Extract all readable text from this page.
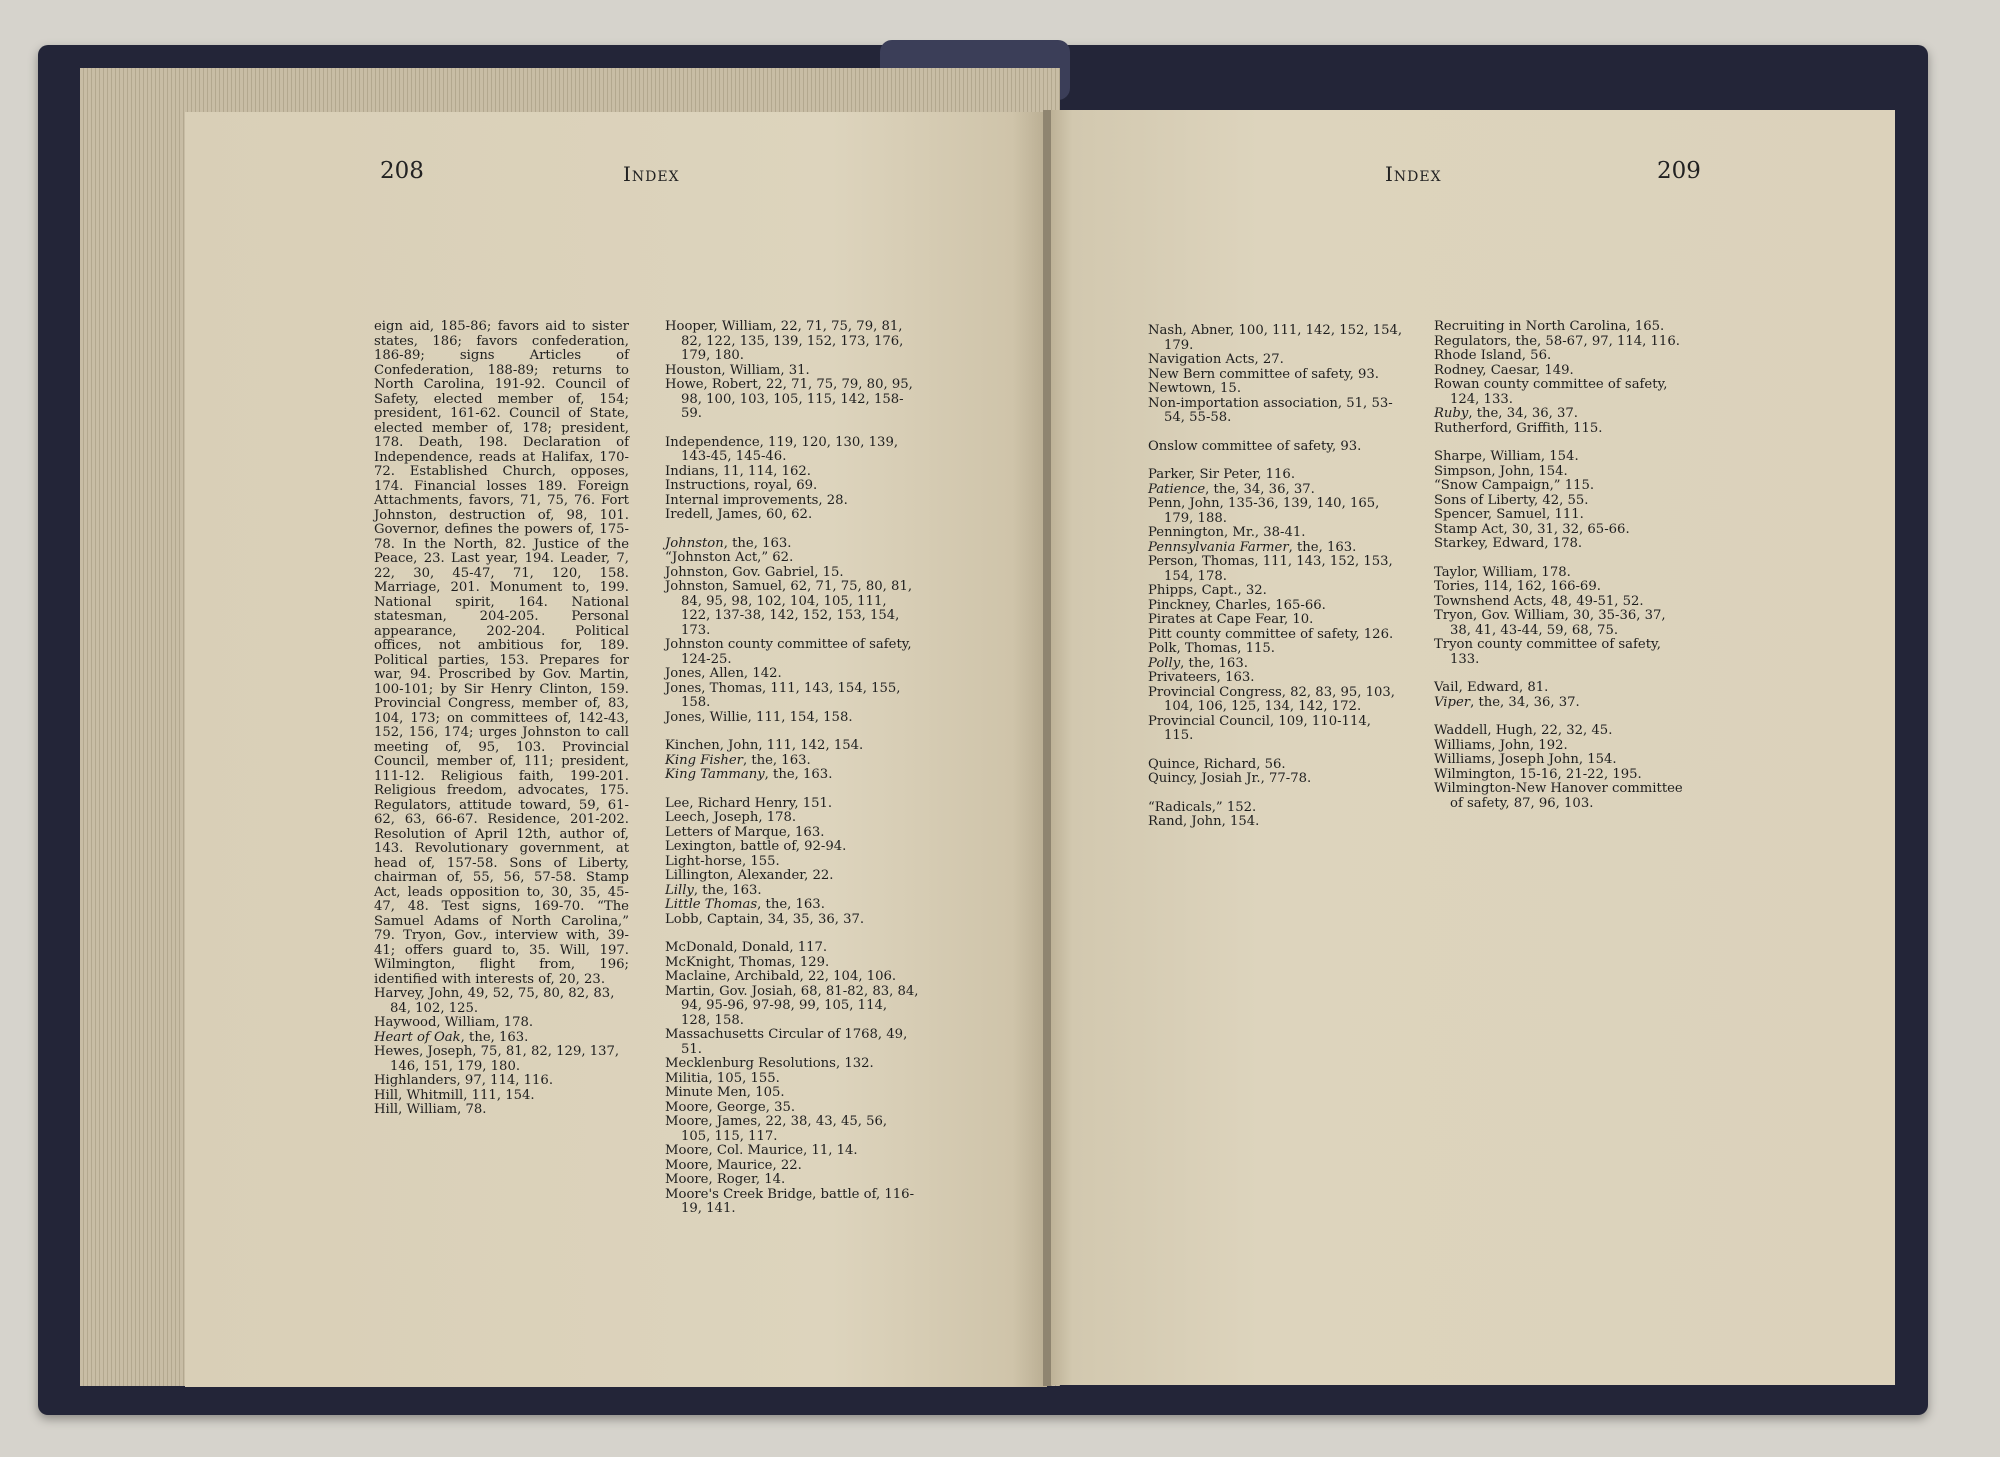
208	Index	209
Index

eign aid, 185-86; favors aid to sister states, 186; favors confederation, 186-89; signs Articles of Confederation, 188-89; returns to North Carolina, 191-92. Council of Safety, elected member of, 154; president, 161-62. Council of State, elected member of, 178; president, 178. Death, 198. Declaration of Independence, reads at Halifax, 170-72. Established Church, opposes, 174. Financial losses 189. Foreign Attachments, favors, 71, 75, 76. Fort Johnston, destruction of, 98, 101. Governor, defines the powers of, 175-78. In the North, 82. Justice of the Peace, 23. Last year, 194. Leader, 7, 22, 30, 45-47, 71, 120, 158. Marriage, 201. Monument to, 199. National spirit, 164. National statesman, 204-205. Personal appearance, 202-204. Political offices, not ambitious for, 189. Political parties, 153. Prepares for war, 94. Proscribed by Gov. Martin, 100-101; by Sir Henry Clinton, 159. Provincial Congress, member of, 83, 104, 173; on committees of, 142-43, 152, 156, 174; urges Johnston to call meeting of, 95, 103. Provincial Council, member of, 111; president, 111-12. Religious faith, 199-201. Religious freedom, advocates, 175. Regulators, attitude toward, 59, 61-62, 63, 66-67. Residence, 201-202. Resolution of April 12th, author of, 143. Revolutionary government, at head of, 157-58. Sons of Liberty, chairman of, 55, 56, 57-58. Stamp Act, leads opposition to, 30, 35, 45-47, 48. Test signs, 169-70. “The Samuel Adams of North Carolina,” 79. Tryon, Gov., interview with, 39-41; offers guard to, 35. Will, 197. Wilmington, flight from, 196; identified with interests of, 20, 23.

Harvey, John, 49, 52, 75, 80, 82, 83, 84, 102, 125.

Haywood, William, 178.

Heart of Oak, the, 163.

Hewes, Joseph, 75, 81, 82, 129, 137, 146, 151, 179, 180.

Highlanders, 97, 114, 116.

Hill, Whitmill, 111, 154.

Hill, William, 78.

Hooper, William, 22, 71, 75, 79, 81, 82, 122, 135, 139, 152, 173, 176, 179, 180.

Houston, William, 31.

Howe, Robert, 22, 71, 75, 79, 80, 95, 98, 100, 103, 105, 115, 142, 158-59.

Independence, 119, 120, 130, 139, 143-45, 145-46.

Indians, 11, 114, 162.

Instructions, royal, 69.

Internal improvements, 28.

Iredell, James, 60, 62.

Johnston, the, 163.

“Johnston Act,” 62.

Johnston, Gov. Gabriel, 15.

Johnston, Samuel, 62, 71, 75, 80, 81, 84, 95, 98, 102, 104, 105, 111, 122, 137-38, 142, 152, 153, 154, 173.

Johnston county committee of safety, 124-25.

Jones, Allen, 142.

Jones, Thomas, 111, 143, 154, 155, 158.

Jones, Willie, 111, 154, 158.

Kinchen, John, 111, 142, 154.

King Fisher, the, 163.

King Tammany, the, 163.

Lee, Richard Henry, 151.

Leech, Joseph, 178.

Letters of Marque, 163.

Lexington, battle of, 92-94.

Light-horse, 155.

Lillington, Alexander, 22.

Lilly, the, 163.

Little Thomas, the, 163.

Lobb, Captain, 34, 35, 36, 37.

McDonald, Donald, 117.

McKnight, Thomas, 129.

Maclaine, Archibald, 22, 104, 106.

Martin, Gov. Josiah, 68, 81-82, 83, 84, 94, 95-96, 97-98, 99, 105, 114, 128, 158.

Massachusetts Circular of 1768, 49, 51.

Mecklenburg Resolutions, 132.

Militia, 105, 155.

Minute Men, 105.

Moore, George, 35.

Moore, James, 22, 38, 43, 45, 56, 105, 115, 117.

Moore, Col. Maurice, 11, 14.

Moore, Maurice, 22.

Moore, Roger, 14.

Moore's Creek Bridge, battle of, 116-19, 141.

Nash, Abner, 100, 111, 142, 152, 154, 179.

Navigation Acts, 27.

New Bern committee of safety, 93.

Newtown, 15.

Non-importation association, 51, 53-54, 55-58.

Onslow committee of safety, 93.

Parker, Sir Peter, 116.

Patience, the, 34, 36, 37.

Penn, John, 135-36, 139, 140, 165, 179, 188.

Pennington, Mr., 38-41.

Pennsylvania Farmer, the, 163.

Person, Thomas, 111, 143, 152, 153, 154, 178.

Phipps, Capt., 32.

Pinckney, Charles, 165-66.

Pirates at Cape Fear, 10.

Pitt county committee of safety, 126.

Polk, Thomas, 115.

Polly, the, 163.

Privateers, 163.

Provincial Congress, 82, 83, 95, 103, 104, 106, 125, 134, 142, 172.

Provincial Council, 109, 110-114, 115.

Quince, Richard, 56.

Quincy, Josiah Jr., 77-78.

“Radicals,” 152.

Rand, John, 154.

Recruiting in North Carolina, 165.

Regulators, the, 58-67, 97, 114, 116.

Rhode Island, 56.

Rodney, Caesar, 149.

Rowan county committee of safety, 124, 133.

Ruby, the, 34, 36, 37.

Rutherford, Griffith, 115.

Sharpe, William, 154.

Simpson, John, 154.

“Snow Campaign,” 115.

Sons of Liberty, 42, 55.

Spencer, Samuel, 111.

Stamp Act, 30, 31, 32, 65-66.

Starkey, Edward, 178.

Taylor, William, 178.

Tories, 114, 162, 166-69.

Townshend Acts, 48, 49-51, 52.

Tryon, Gov. William, 30, 35-36, 37, 38, 41, 43-44, 59, 68, 75.

Tryon county committee of safety, 133.

Vail, Edward, 81.

Viper, the, 34, 36, 37.

Waddell, Hugh, 22, 32, 45.

Williams, John, 192.

Williams, Joseph John, 154.

Wilmington, 15-16, 21-22, 195.

Wilmington-New Hanover committee of safety, 87, 96, 103.
